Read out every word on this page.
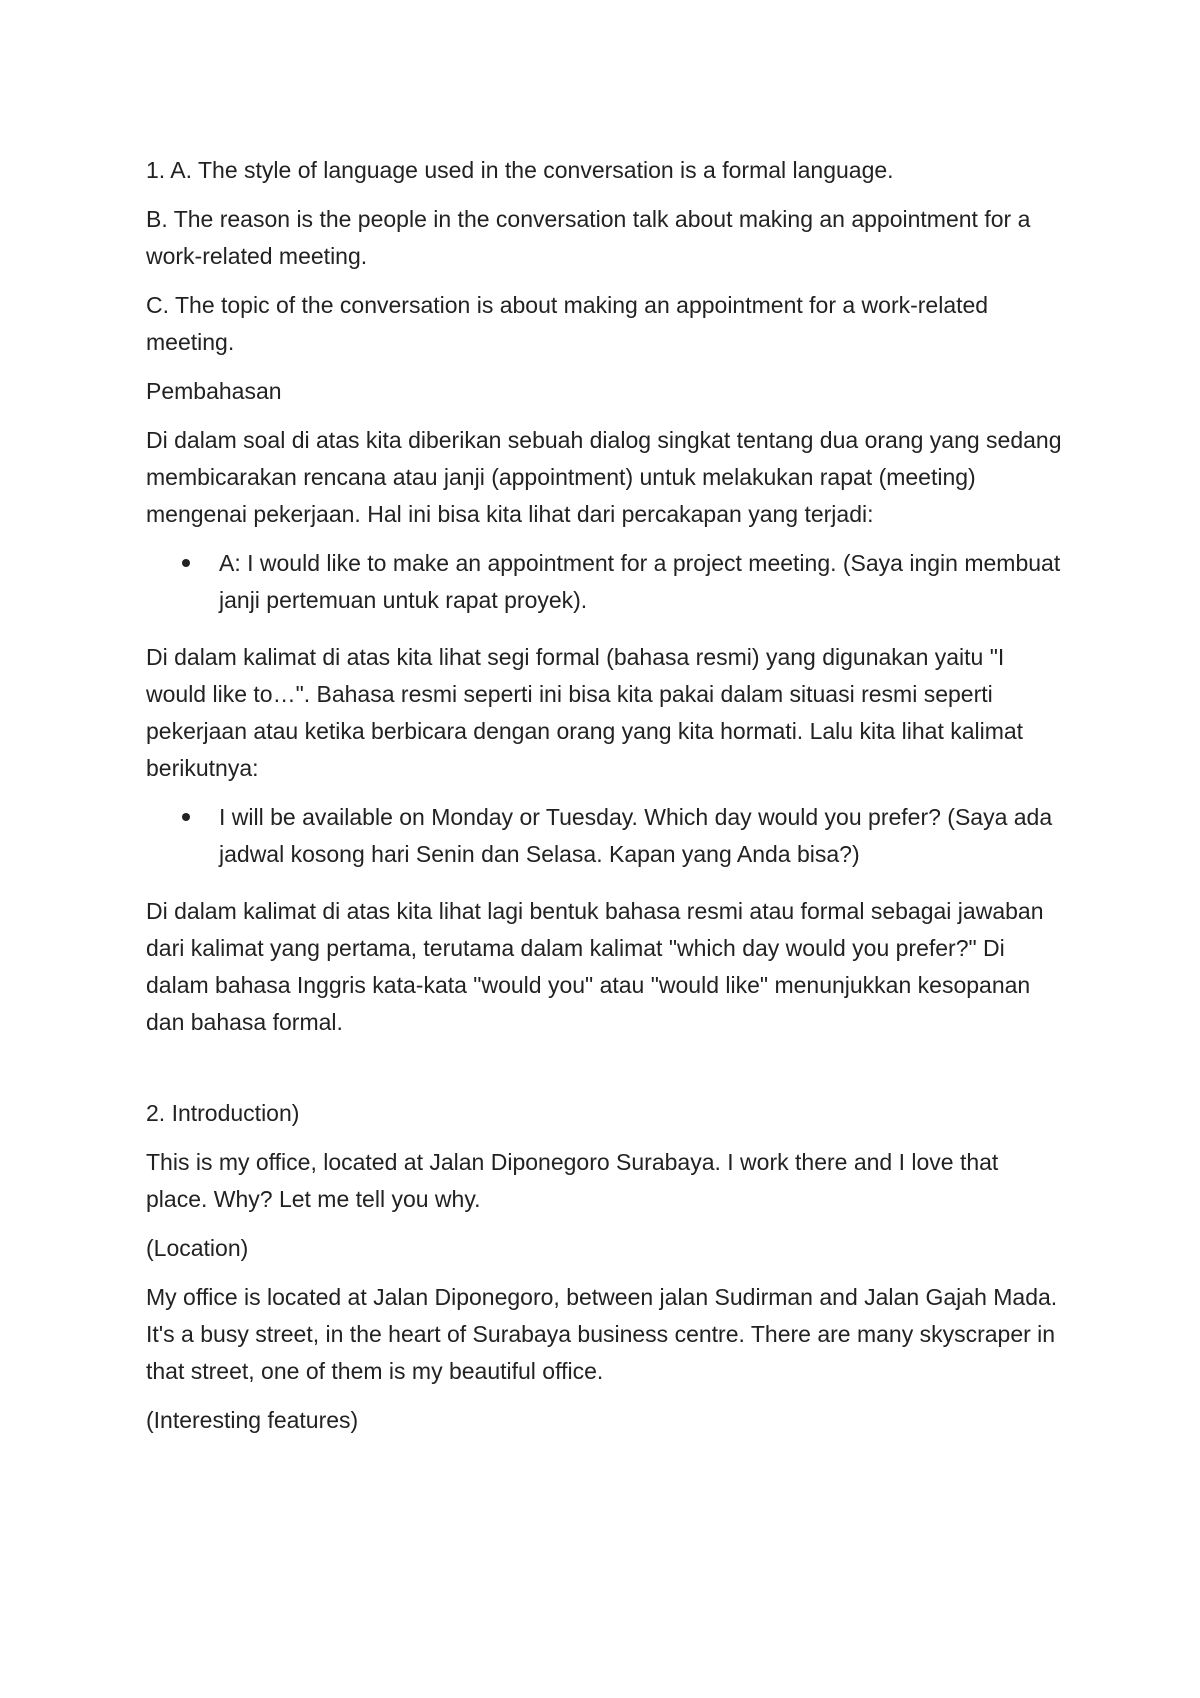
1. A. The style of language used in the conversation is a formal language.

B. The reason is the people in the conversation talk about making an appointment for a work-related meeting.

C. The topic of the conversation is about making an appointment for a work-related meeting.

Pembahasan

Di dalam soal di atas kita diberikan sebuah dialog singkat tentang dua orang yang sedang membicarakan rencana atau janji (appointment) untuk melakukan rapat (meeting) mengenai pekerjaan. Hal ini bisa kita lihat dari percakapan yang terjadi:

A: I would like to make an appointment for a project meeting. (Saya ingin membuat janji pertemuan untuk rapat proyek).

Di dalam kalimat di atas kita lihat segi formal (bahasa resmi) yang digunakan yaitu "I would like to…". Bahasa resmi seperti ini bisa kita pakai dalam situasi resmi seperti pekerjaan atau ketika berbicara dengan orang yang kita hormati. Lalu kita lihat kalimat berikutnya:

I will be available on Monday or Tuesday. Which day would you prefer? (Saya ada jadwal kosong hari Senin dan Selasa. Kapan yang Anda bisa?)

Di dalam kalimat di atas kita lihat lagi bentuk bahasa resmi atau formal sebagai jawaban dari kalimat yang pertama, terutama dalam kalimat "which day would you prefer?" Di dalam bahasa Inggris kata-kata "would you" atau "would like" menunjukkan kesopanan dan bahasa formal.

2. Introduction)

This is my office, located at Jalan Diponegoro Surabaya. I work there and I love that place. Why? Let me tell you why.

(Location)

My office is located at Jalan Diponegoro, between jalan Sudirman and Jalan Gajah Mada. It's a busy street, in the heart of Surabaya business centre. There are many skyscraper in that street, one of them is my beautiful office.

(Interesting features)
